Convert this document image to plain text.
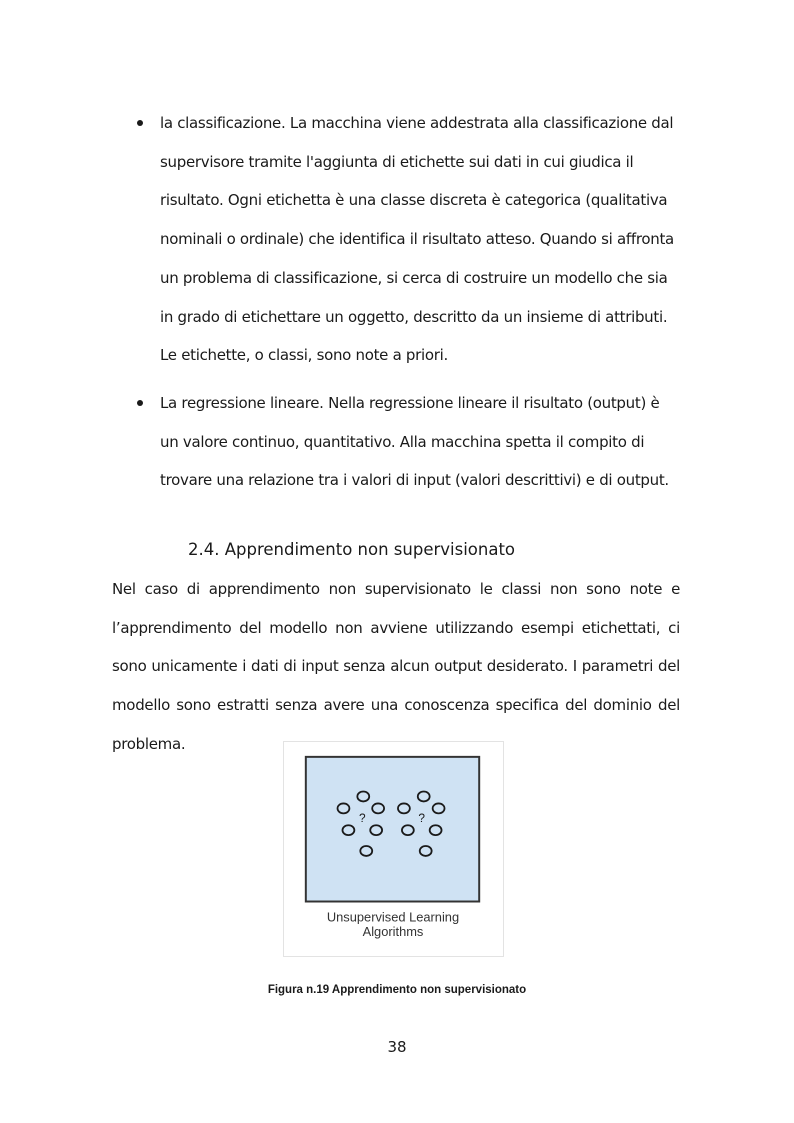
la classificazione. La macchina viene addestrata alla classificazione dal supervisore tramite l'aggiunta di etichette sui dati in cui giudica il risultato. Ogni etichetta è una classe discreta è categorica (qualitativa nominali o ordinale) che identifica il risultato atteso. Quando si affronta un problema di classificazione, si cerca di costruire un modello che sia in grado di etichettare un oggetto, descritto da un insieme di attributi. Le etichette, o classi, sono note a priori.
La regressione lineare. Nella regressione lineare il risultato (output) è un valore continuo, quantitativo. Alla macchina spetta il compito di trovare una relazione tra i valori di input (valori descrittivi) e di output.
2.4. Apprendimento non supervisionato

Nel caso di apprendimento non supervisionato le classi non sono note e l’apprendimento del modello non avviene utilizzando esempi etichettati, ci sono unicamente i dati di input senza alcun output desiderato. I parametri del modello sono estratti senza avere una conoscenza specifica del dominio del problema.

?	?
Unsupervised Learning
Algorithms

Figura n.19 Apprendimento non supervisionato

38
